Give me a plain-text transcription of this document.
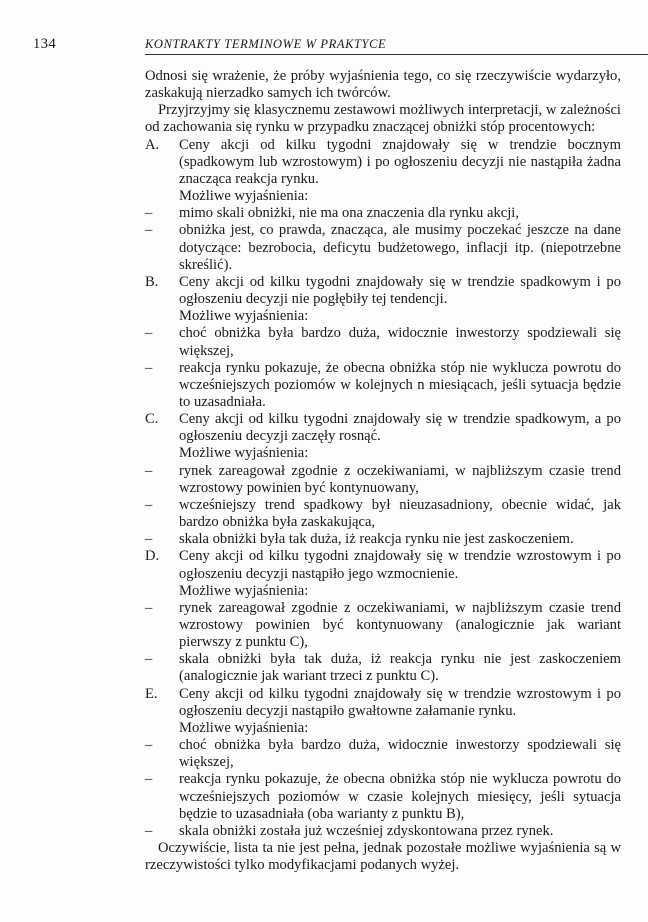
134	KONTRAKTY TERMINOWE W PRAKTYCE
Odnosi się wrażenie, że próby wyjaśnienia tego, co się rzeczywiście wydarzyło, zaskakują nierzadko samych ich twórców.
Przyjrzyjmy się klasycznemu zestawowi możliwych interpretacji, w zależności od zachowania się rynku w przypadku znaczącej obniżki stóp procentowych:
A. Ceny akcji od kilku tygodni znajdowały się w trendzie bocznym (spadkowym lub wzrostowym) i po ogłoszeniu decyzji nie nastąpiła żadna znacząca reakcja rynku.
Możliwe wyjaśnienia:
– mimo skali obniżki, nie ma ona znaczenia dla rynku akcji,
– obniżka jest, co prawda, znacząca, ale musimy poczekać jeszcze na dane dotyczące: bezrobocia, deficytu budżetowego, inflacji itp. (niepotrzebne skreślić).
B. Ceny akcji od kilku tygodni znajdowały się w trendzie spadkowym i po ogłoszeniu decyzji nie pogłębiły tej tendencji.
Możliwe wyjaśnienia:
– choć obniżka była bardzo duża, widocznie inwestorzy spodziewali się większej,
– reakcja rynku pokazuje, że obecna obniżka stóp nie wyklucza powrotu do wcześniejszych poziomów w kolejnych n miesiącach, jeśli sytuacja będzie to uzasadniała.
C. Ceny akcji od kilku tygodni znajdowały się w trendzie spadkowym, a po ogłoszeniu decyzji zaczęły rosnąć.
Możliwe wyjaśnienia:
– rynek zareagował zgodnie z oczekiwaniami, w najbliższym czasie trend wzrostowy powinien być kontynuowany,
– wcześniejszy trend spadkowy był nieuzasadniony, obecnie widać, jak bardzo obniżka była zaskakująca,
– skala obniżki była tak duża, iż reakcja rynku nie jest zaskoczeniem.
D. Ceny akcji od kilku tygodni znajdowały się w trendzie wzrostowym i po ogłoszeniu decyzji nastąpiło jego wzmocnienie.
Możliwe wyjaśnienia:
– rynek zareagował zgodnie z oczekiwaniami, w najbliższym czasie trend wzrostowy powinien być kontynuowany (analogicznie jak wariant pierwszy z punktu C),
– skala obniżki była tak duża, iż reakcja rynku nie jest zaskoczeniem (analogicznie jak wariant trzeci z punktu C).
E. Ceny akcji od kilku tygodni znajdowały się w trendzie wzrostowym i po ogłoszeniu decyzji nastąpiło gwałtowne załamanie rynku.
Możliwe wyjaśnienia:
– choć obniżka była bardzo duża, widocznie inwestorzy spodziewali się większej,
– reakcja rynku pokazuje, że obecna obniżka stóp nie wyklucza powrotu do wcześniejszych poziomów w czasie kolejnych miesięcy, jeśli sytuacja będzie to uzasadniała (oba warianty z punktu B),
– skala obniżki została już wcześniej zdyskontowana przez rynek.
Oczywiście, lista ta nie jest pełna, jednak pozostałe możliwe wyjaśnienia są w rzeczywistości tylko modyfikacjami podanych wyżej.
